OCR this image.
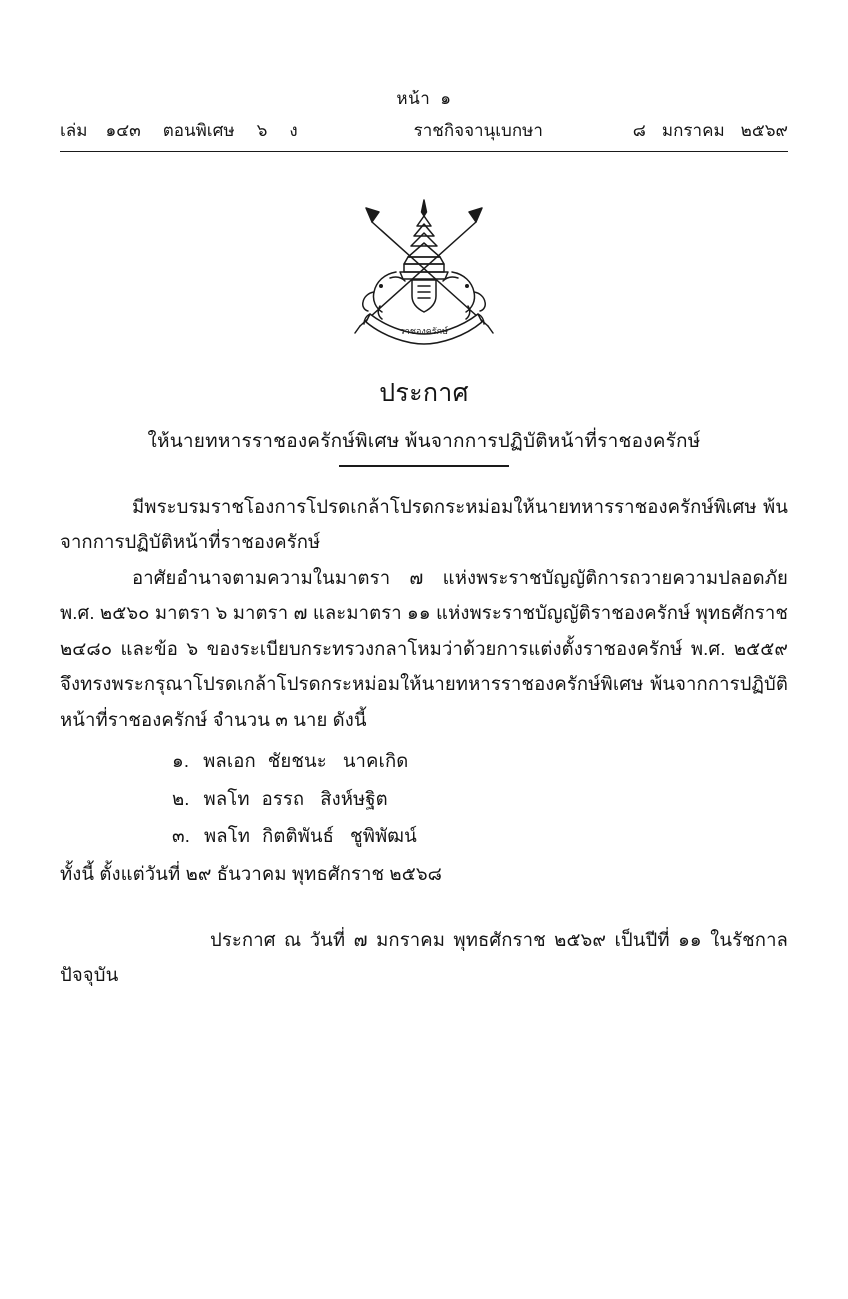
หน้า ๑
เล่ม ๑๔๓ ตอนพิเศษ ๖ ง	ราชกิจจานุเบกษา	๘ มกราคม ๒๕๖๙
ราชองครักษ์
ประกาศ
ให้นายทหารราชองครักษ์พิเศษ พ้นจากการปฏิบัติหน้าที่ราชองครักษ์

มีพระบรมราชโองการโปรดเกล้าโปรดกระหม่อมให้นายทหารราชองครักษ์พิเศษ พ้นจากการปฏิบัติหน้าที่ราชองครักษ์

อาศัยอำนาจตามความในมาตรา ๗ แห่งพระราชบัญญัติการถวายความปลอดภัย พ.ศ. ๒๕๖๐ มาตรา ๖ มาตรา ๗ และมาตรา ๑๑ แห่งพระราชบัญญัติราชองครักษ์ พุทธศักราช ๒๔๘๐ และข้อ ๖ ของระเบียบกระทรวงกลาโหมว่าด้วยการแต่งตั้งราชองครักษ์ พ.ศ. ๒๕๕๙ จึงทรงพระกรุณาโปรดเกล้าโปรดกระหม่อมให้นายทหารราชองครักษ์พิเศษ พ้นจากการปฏิบัติหน้าที่ราชองครักษ์ จำนวน ๓ นาย ดังนี้

๑. พลเอก ชัยชนะ นาคเกิด
๒. พลโท อรรถ สิงห์ษฐิต
๓. พลโท กิตติพันธ์ ชูพิพัฒน์
ทั้งนี้ ตั้งแต่วันที่ ๒๙ ธันวาคม พุทธศักราช ๒๕๖๘
ประกาศ ณ วันที่ ๗ มกราคม พุทธศักราช ๒๕๖๙ เป็นปีที่ ๑๑ ในรัชกาลปัจจุบัน
